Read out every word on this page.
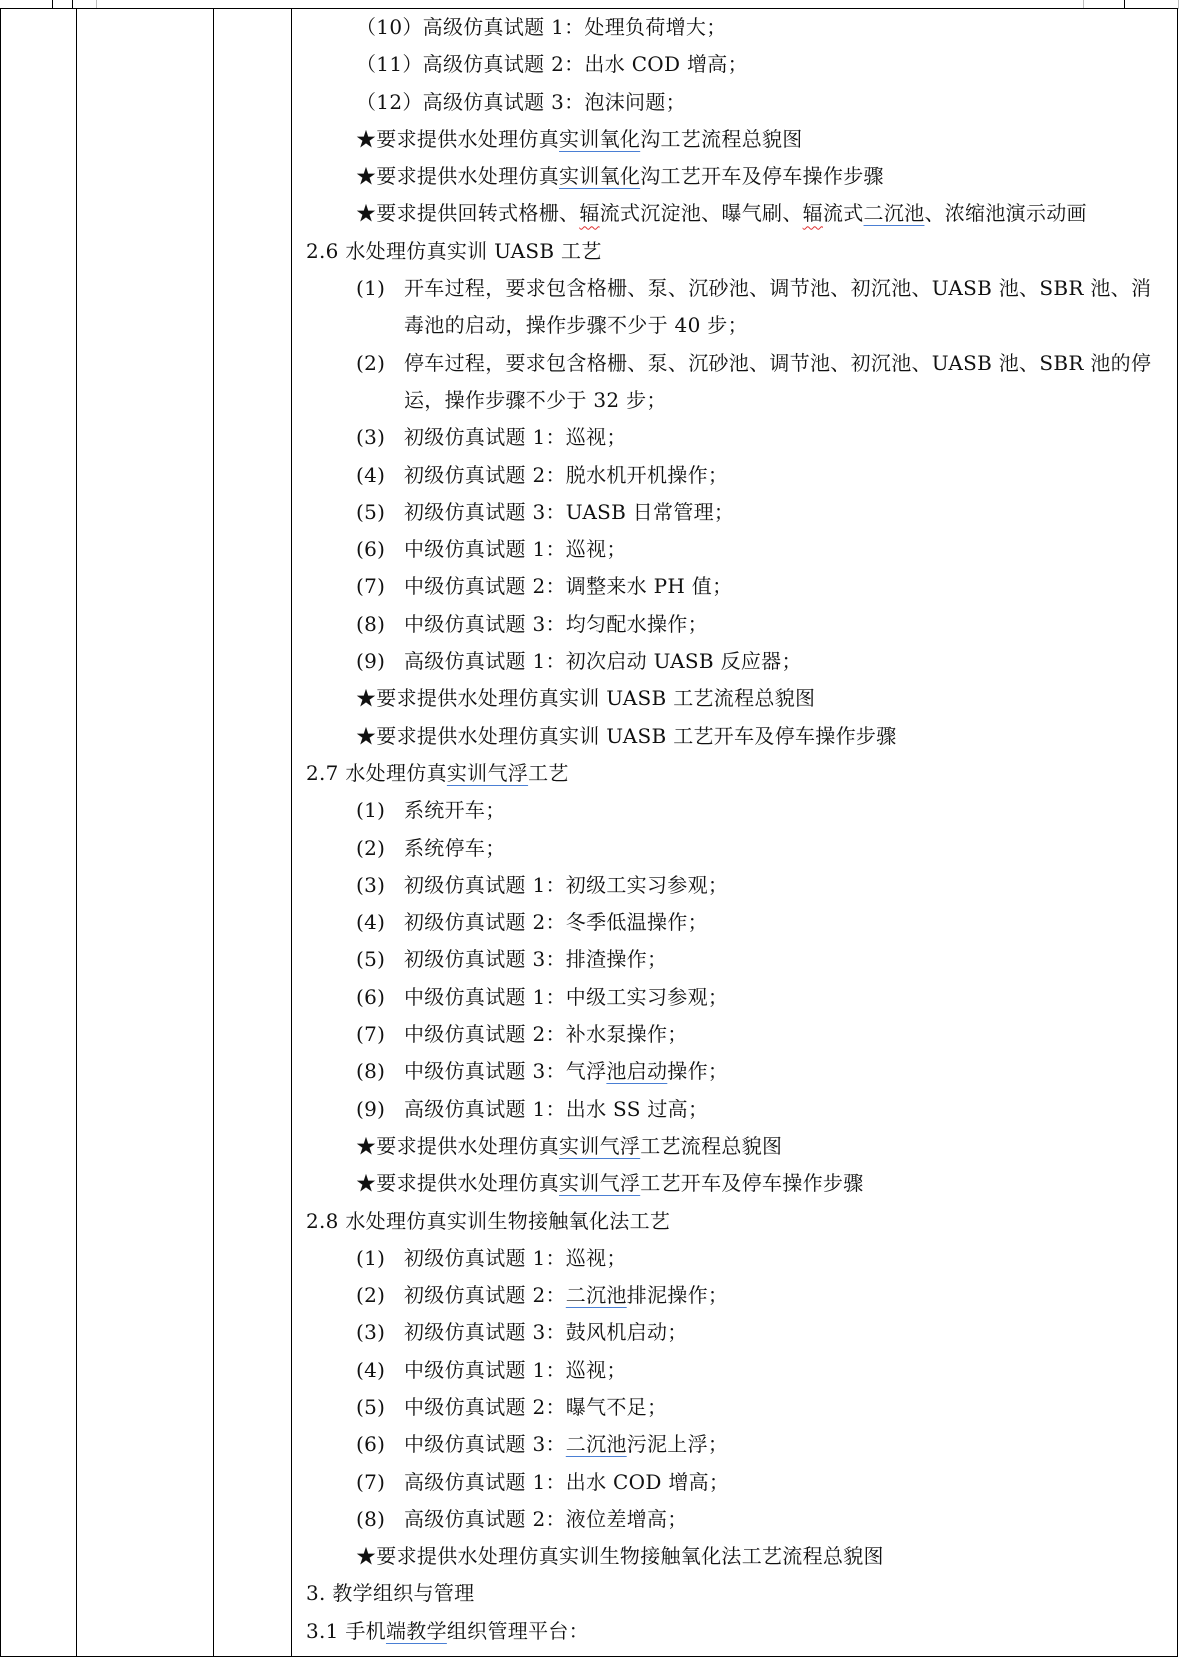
（10）高级仿真试题 1：处理负荷增大；
（11）高级仿真试题 2：出水 COD 增高；
（12）高级仿真试题 3：泡沫问题；
★要求提供水处理仿真实训氧化沟工艺流程总貌图
★要求提供水处理仿真实训氧化沟工艺开车及停车操作步骤
★要求提供回转式格栅、辐流式沉淀池、曝气刷、辐流式二沉池、浓缩池演示动画
2.6 水处理仿真实训 UASB 工艺
(1) 开车过程，要求包含格栅、泵、沉砂池、调节池、初沉池、UASB 池、SBR 池、消
毒池的启动，操作步骤不少于 40 步；
(2) 停车过程，要求包含格栅、泵、沉砂池、调节池、初沉池、UASB 池、SBR 池的停
运，操作步骤不少于 32 步；
(3) 初级仿真试题 1：巡视；
(4) 初级仿真试题 2：脱水机开机操作；
(5) 初级仿真试题 3：UASB 日常管理；
(6) 中级仿真试题 1：巡视；
(7) 中级仿真试题 2：调整来水 PH 值；
(8) 中级仿真试题 3：均匀配水操作；
(9) 高级仿真试题 1：初次启动 UASB 反应器；
★要求提供水处理仿真实训 UASB 工艺流程总貌图
★要求提供水处理仿真实训 UASB 工艺开车及停车操作步骤
2.7 水处理仿真实训气浮工艺
(1) 系统开车；
(2) 系统停车；
(3) 初级仿真试题 1：初级工实习参观；
(4) 初级仿真试题 2：冬季低温操作；
(5) 初级仿真试题 3：排渣操作；
(6) 中级仿真试题 1：中级工实习参观；
(7) 中级仿真试题 2：补水泵操作；
(8) 中级仿真试题 3：气浮池启动操作；
(9) 高级仿真试题 1：出水 SS 过高；
★要求提供水处理仿真实训气浮工艺流程总貌图
★要求提供水处理仿真实训气浮工艺开车及停车操作步骤
2.8 水处理仿真实训生物接触氧化法工艺
(1) 初级仿真试题 1：巡视；
(2) 初级仿真试题 2：二沉池排泥操作；
(3) 初级仿真试题 3：鼓风机启动；
(4) 中级仿真试题 1：巡视；
(5) 中级仿真试题 2：曝气不足；
(6) 中级仿真试题 3：二沉池污泥上浮；
(7) 高级仿真试题 1：出水 COD 增高；
(8) 高级仿真试题 2：液位差增高；
★要求提供水处理仿真实训生物接触氧化法工艺流程总貌图
3. 教学组织与管理
3.1 手机端教学组织管理平台：
